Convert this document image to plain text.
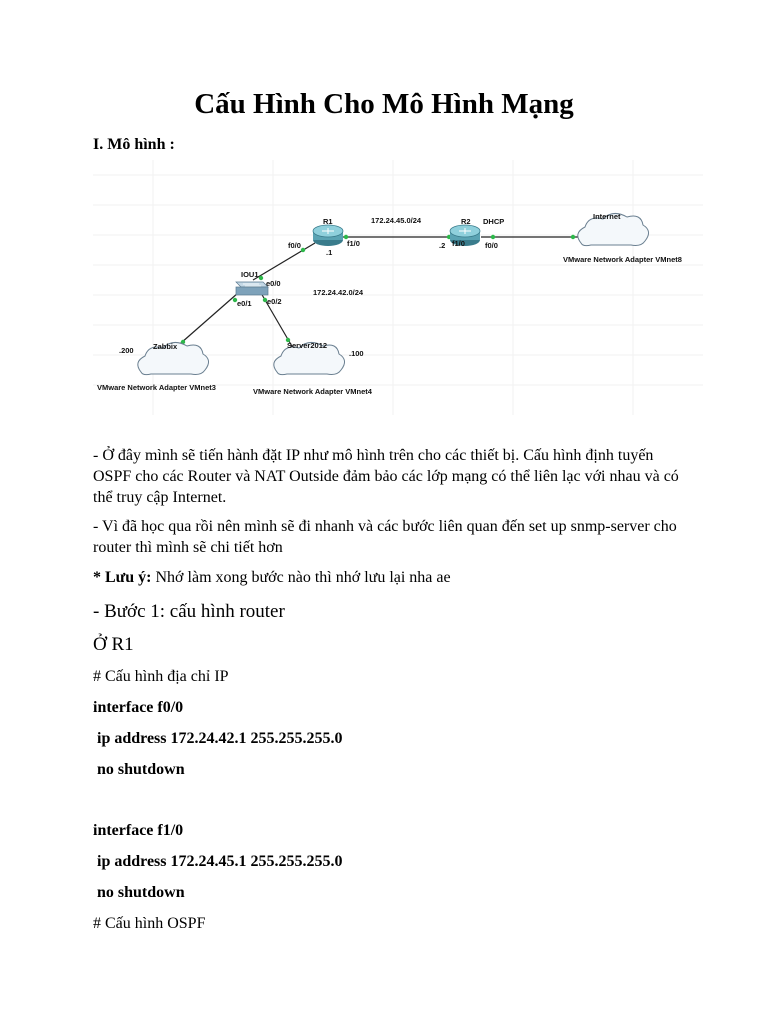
Cấu Hình Cho Mô Hình Mạng
I. Mô hình :
R1	R2 DHCP
Internet
172.24.45.0/24
f0/0	f1/0
.1
f1/0	f0/0
.2
VMware Network Adapter VMnet8
IOU1
e0/0
e0/1 e0/2
172.24.42.0/24
Zabbix
.200
VMware Network Adapter VMnet3
Server2012
.100
VMware Network Adapter VMnet4
- Ở đây mình sẽ tiến hành đặt IP như mô hình trên cho các thiết bị. Cấu hình định tuyến OSPF cho các Router và NAT Outside đảm bảo các lớp mạng có thể liên lạc với nhau và có thể truy cập Internet.
- Vì đã học qua rồi nên mình sẽ đi nhanh và các bước liên quan đến set up snmp-server cho router thì mình sẽ chi tiết hơn
* Lưu ý: Nhớ làm xong bước nào thì nhớ lưu lại nha ae
- Bước 1: cấu hình router
Ở R1
# Cấu hình địa chỉ IP
interface f0/0
ip address 172.24.42.1 255.255.255.0
no shutdown
interface f1/0
ip address 172.24.45.1 255.255.255.0
no shutdown
# Cấu hình OSPF
